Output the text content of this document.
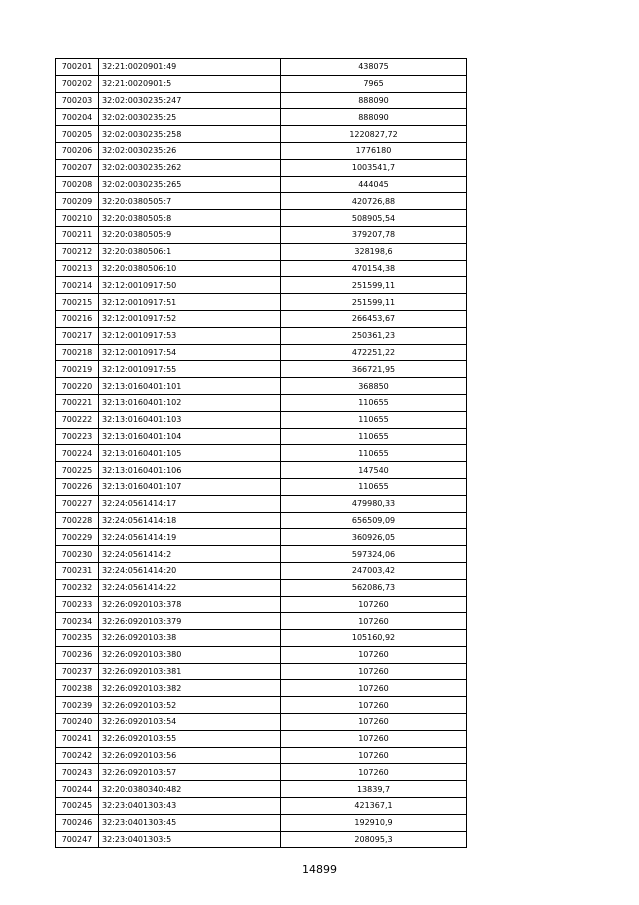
700201	32:21:0020901:49	438075
700202	32:21:0020901:5	7965
700203	32:02:0030235:247	888090
700204	32:02:0030235:25	888090
700205	32:02:0030235:258	1220827,72
700206	32:02:0030235:26	1776180
700207	32:02:0030235:262	1003541,7
700208	32:02:0030235:265	444045
700209	32:20:0380505:7	420726,88
700210	32:20:0380505:8	508905,54
700211	32:20:0380505:9	379207,78
700212	32:20:0380506:1	328198,6
700213	32:20:0380506:10	470154,38
700214	32:12:0010917:50	251599,11
700215	32:12:0010917:51	251599,11
700216	32:12:0010917:52	266453,67
700217	32:12:0010917:53	250361,23
700218	32:12:0010917:54	472251,22
700219	32:12:0010917:55	366721,95
700220	32:13:0160401:101	368850
700221	32:13:0160401:102	110655
700222	32:13:0160401:103	110655
700223	32:13:0160401:104	110655
700224	32:13:0160401:105	110655
700225	32:13:0160401:106	147540
700226	32:13:0160401:107	110655
700227	32:24:0561414:17	479980,33
700228	32:24:0561414:18	656509,09
700229	32:24:0561414:19	360926,05
700230	32:24:0561414:2	597324,06
700231	32:24:0561414:20	247003,42
700232	32:24:0561414:22	562086,73
700233	32:26:0920103:378	107260
700234	32:26:0920103:379	107260
700235	32:26:0920103:38	105160,92
700236	32:26:0920103:380	107260
700237	32:26:0920103:381	107260
700238	32:26:0920103:382	107260
700239	32:26:0920103:52	107260
700240	32:26:0920103:54	107260
700241	32:26:0920103:55	107260
700242	32:26:0920103:56	107260
700243	32:26:0920103:57	107260
700244	32:20:0380340:482	13839,7
700245	32:23:0401303:43	421367,1
700246	32:23:0401303:45	192910,9
700247	32:23:0401303:5	208095,3
14899
